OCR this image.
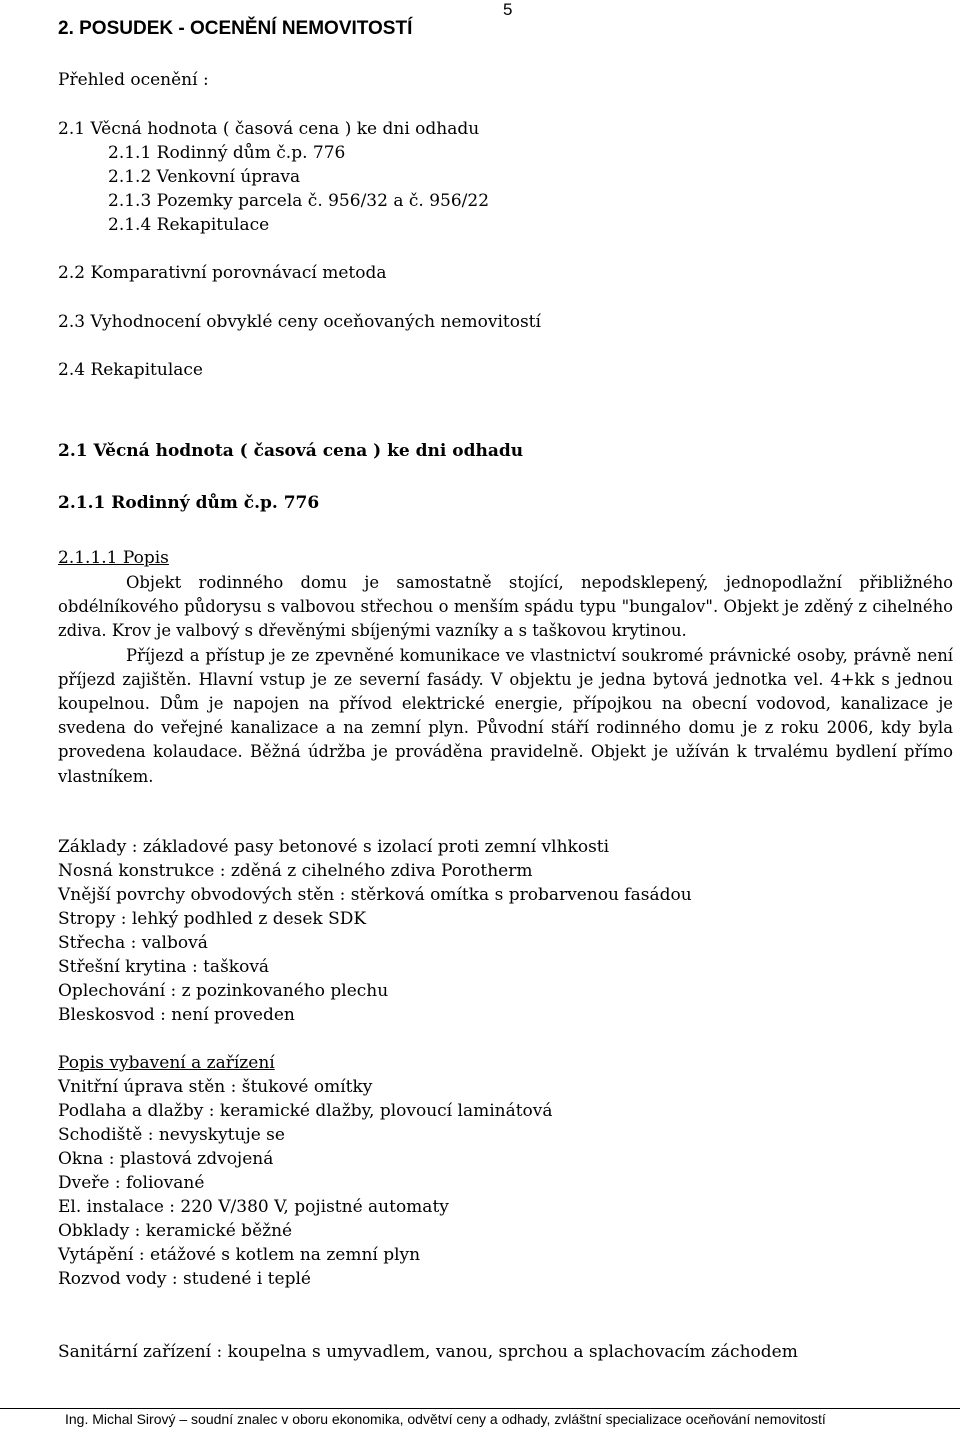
5
2. POSUDEK - OCENĚNÍ NEMOVITOSTÍ
Přehled ocenění :
2.1 Věcná hodnota ( časová cena ) ke dni odhadu
2.1.1 Rodinný dům č.p. 776
2.1.2 Venkovní úprava
2.1.3 Pozemky parcela č. 956/32 a č. 956/22
2.1.4 Rekapitulace
2.2 Komparativní porovnávací metoda
2.3 Vyhodnocení obvyklé ceny oceňovaných nemovitostí
2.4 Rekapitulace
2.1 Věcná hodnota ( časová cena ) ke dni odhadu
2.1.1 Rodinný dům č.p. 776
2.1.1.1 Popis
Objekt rodinného domu je samostatně stojící, nepodsklepený, jednopodlažní přibližného obdélníkového půdorysu s valbovou střechou o menším spádu typu "bungalov". Objekt je zděný z cihelného zdiva. Krov je valbový s dřevěnými sbíjenými vazníky a s taškovou krytinou.
Příjezd a přístup je ze zpevněné komunikace ve vlastnictví soukromé právnické osoby, právně není příjezd zajištěn. Hlavní vstup je ze severní fasády. V objektu je jedna bytová jednotka vel. 4+kk s jednou koupelnou. Dům je napojen na přívod elektrické energie, přípojkou na obecní vodovod, kanalizace je svedena do veřejné kanalizace a na zemní plyn. Původní stáří rodinného domu je z roku 2006, kdy byla provedena kolaudace. Běžná údržba je prováděna pravidelně. Objekt je užíván k trvalému bydlení přímo vlastníkem.
Základy : základové pasy betonové s izolací proti zemní vlhkosti
Nosná konstrukce : zděná z cihelného zdiva Porotherm
Vnější povrchy obvodových stěn : stěrková omítka s probarvenou fasádou
Stropy : lehký podhled z desek SDK
Střecha : valbová
Střešní krytina : tašková
Oplechování : z pozinkovaného plechu
Bleskosvod : není proveden
Popis vybavení a zařízení
Vnitřní úprava stěn : štukové omítky
Podlaha a dlažby : keramické dlažby, plovoucí laminátová
Schodiště : nevyskytuje se
Okna : plastová zdvojená
Dveře : foliované
El. instalace : 220 V/380 V, pojistné automaty
Obklady : keramické běžné
Vytápění : etážové s kotlem na zemní plyn
Rozvod vody : studené i teplé
Sanitární zařízení : koupelna s umyvadlem, vanou, sprchou a splachovacím záchodem
Ing. Michal Sirový – soudní znalec v oboru ekonomika, odvětví ceny a odhady, zvláštní specializace oceňování nemovitostí
